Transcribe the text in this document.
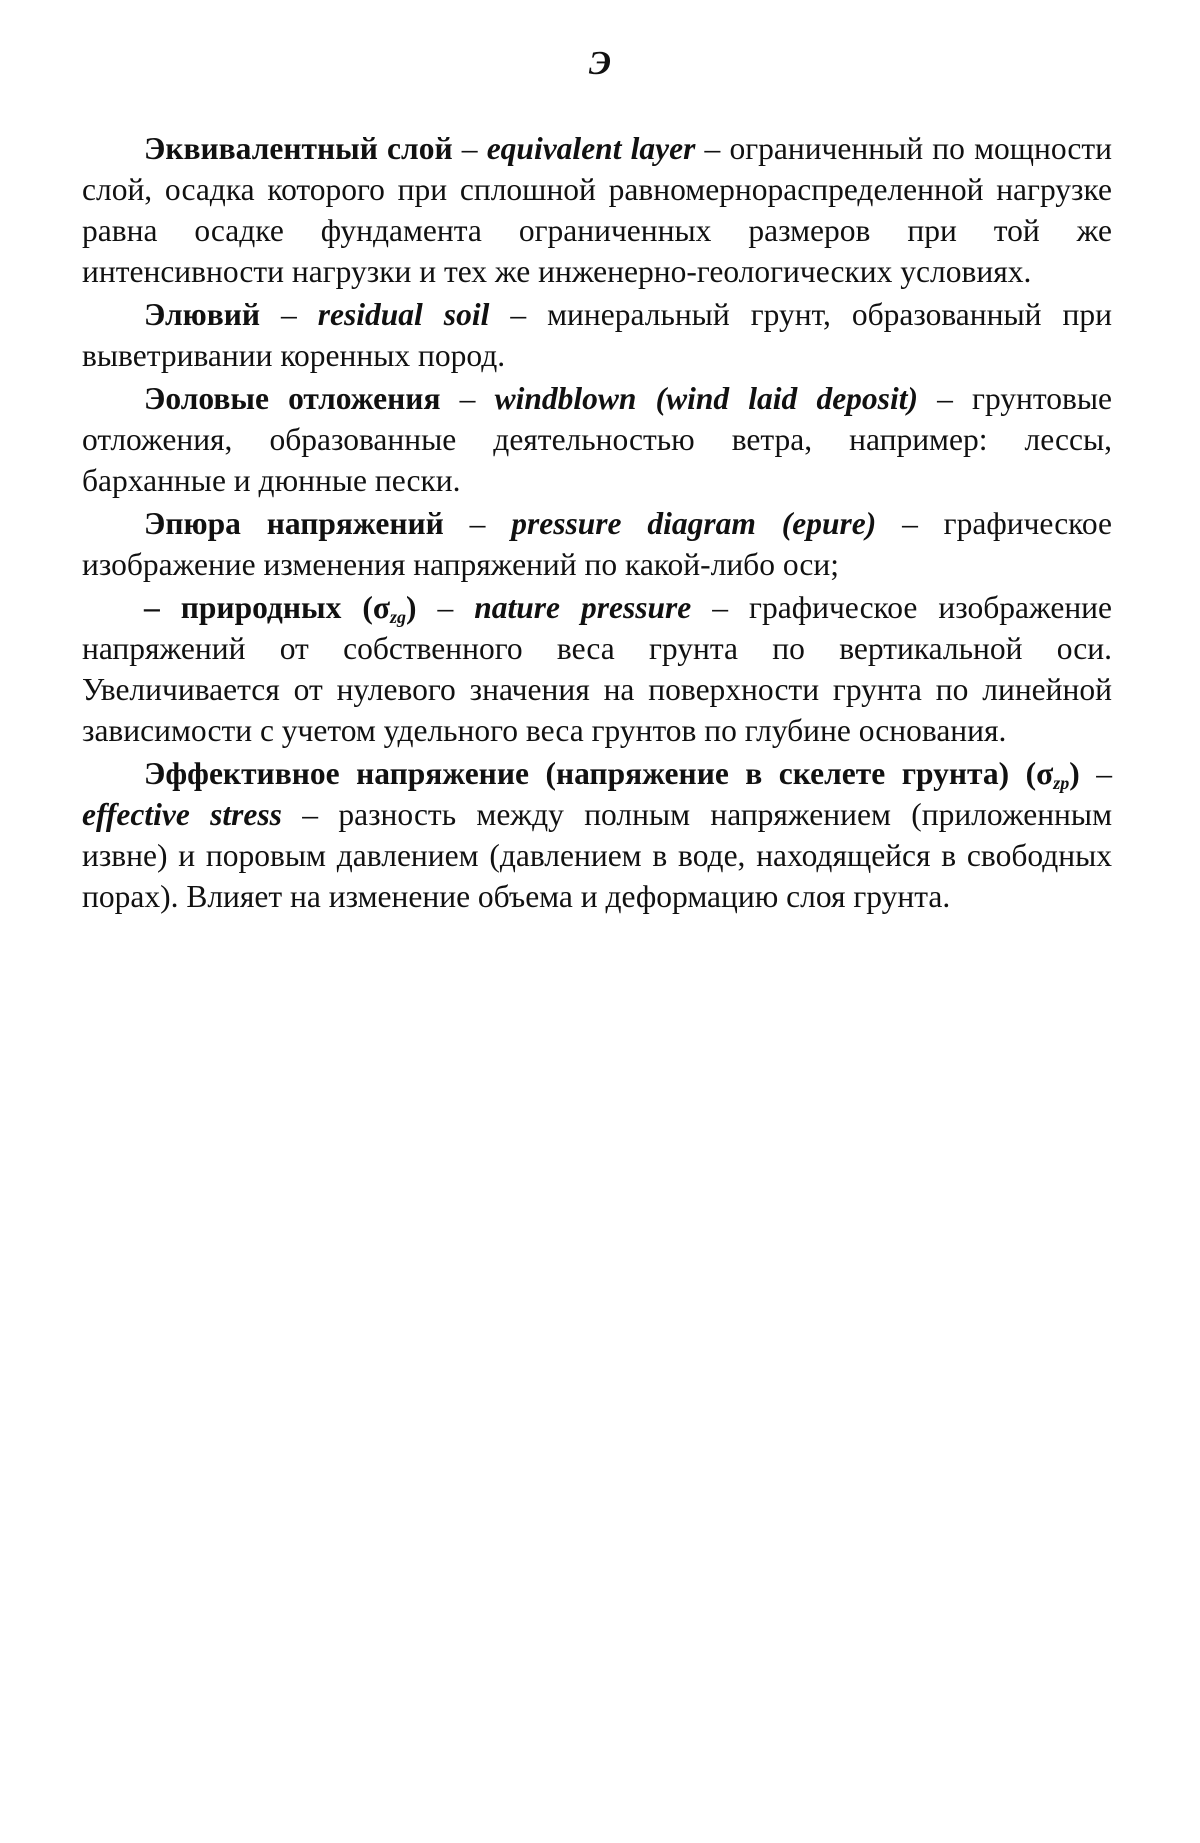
Э

Эквивалентный слой – equivalent layer – ограниченный по мощности слой, осадка которого при сплошной равномернораспределенной нагрузке равна осадке фундамента ограниченных размеров при той же интенсивности нагрузки и тех же инженерно-геологических условиях.

Элювий – residual soil – минеральный грунт, образованный при выветривании коренных пород.

Эоловые отложения – windblown (wind laid deposit) – грунтовые отложения, образованные деятельностью ветра, например: лессы, барханные и дюнные пески.

Эпюра напряжений – pressure diagram (epure) – графическое изображение изменения напряжений по какой-либо оси;

– природных $(\sigma_{zg})$ – nature pressure – графическое изображение напряжений от собственного веса грунта по вертикальной оси. Увеличивается от нулевого значения на поверхности грунта по линейной зависимости с учетом удельного веса грунтов по глубине основания.

Эффективное напряжение (напряжение в скелете грунта) $(\sigma_{zp})$ – effective stress – разность между полным напряжением (приложенным извне) и поровым давлением (давлением в воде, находящейся в свободных порах). Влияет на изменение объема и деформацию слоя грунта.
